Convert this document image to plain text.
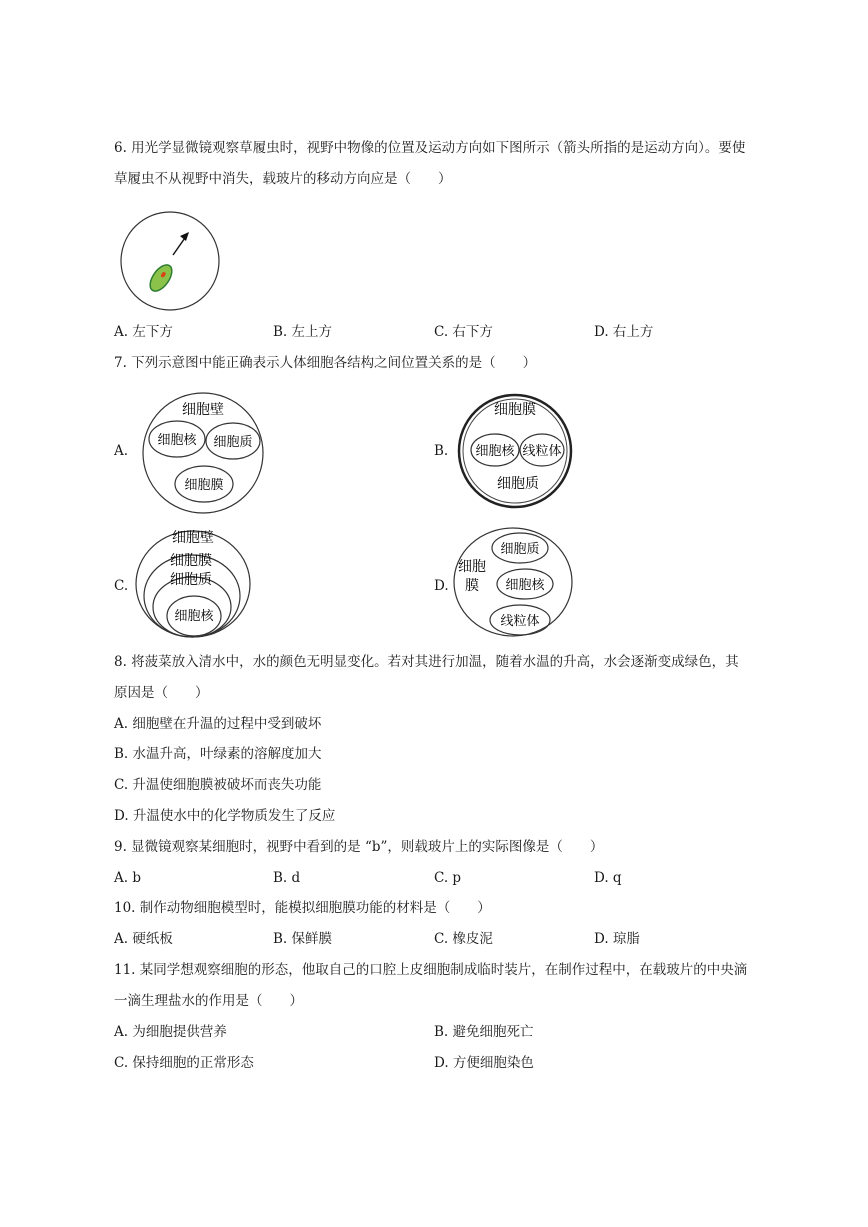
6. 用光学显微镜观察草履虫时，视野中物像的位置及运动方向如下图所示（箭头所指的是运动方向）。要使
草履虫不从视野中消失，载玻片的移动方向应是（　　）
A. 左下方	B. 左上方	C. 右下方	D. 右上方
7. 下列示意图中能正确表示人体细胞各结构之间位置关系的是（　　）
A.
细胞壁
细胞核 细胞质
细胞膜
B.
细胞膜
细胞核 线粒体
细胞质
C.
细胞壁
细胞膜
细胞质
细胞核
D.
细胞质
细胞
膜 细胞核
线粒体
8. 将菠菜放入清水中，水的颜色无明显变化。若对其进行加温，随着水温的升高，水会逐渐变成绿色，其
原因是（　　）
A. 细胞壁在升温的过程中受到破坏
B. 水温升高，叶绿素的溶解度加大
C. 升温使细胞膜被破坏而丧失功能
D. 升温使水中的化学物质发生了反应
9. 显微镜观察某细胞时，视野中看到的是 “b”，则载玻片上的实际图像是（　　）
A. b	B. d	C. p	D. q
10. 制作动物细胞模型时，能模拟细胞膜功能的材料是（　　）
A. 硬纸板	B. 保鲜膜	C. 橡皮泥	D. 琼脂
11. 某同学想观察细胞的形态，他取自己的口腔上皮细胞制成临时装片，在制作过程中，在载玻片的中央滴
一滴生理盐水的作用是（　　）
A. 为细胞提供营养	B. 避免细胞死亡
C. 保持细胞的正常形态	D. 方便细胞染色
